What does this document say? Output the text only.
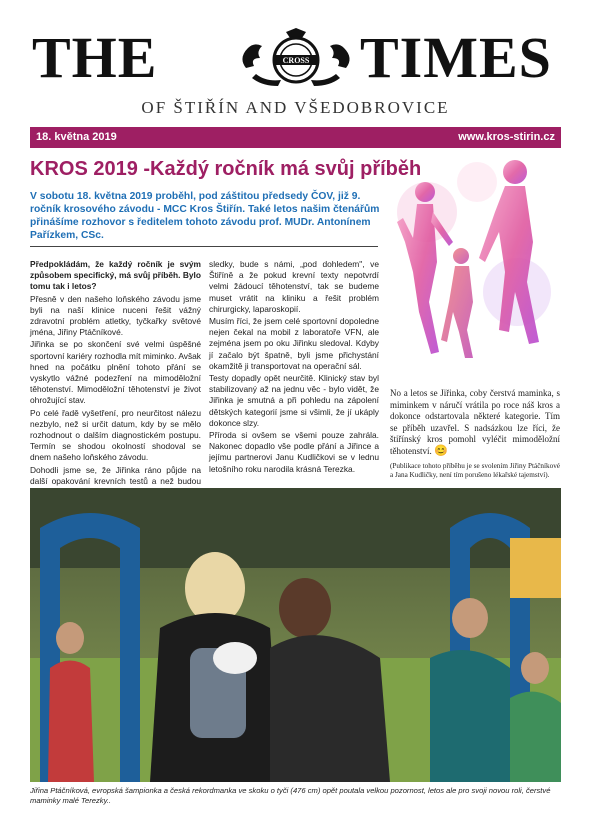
THE	CROSS TIMES
OF ŠTIŘÍN AND VŠEDOBROVICE
18. května 2019	www.kros-stirin.cz
KROS 2019 -Každý ročník má svůj příběh
V sobotu 18. května 2019 proběhl, pod záštitou předsedy ČOV, již 9. ročník krosového závodu - MCC Kros Štiřín. Také letos našim čtenářům přinášíme rozhovor s ředitelem tohoto závodu prof. MUDr. Antonínem Pařízkem, CSc.

Předpokládám, že každý ročník je svým způsobem specifický, má svůj příběh. Bylo tomu tak i letos?

Přesně v den našeho loňského závodu jsme byli na naší klinice nuceni řešit vážný zdravotní problém atletky, tyčkařky světové jména, Jiřiny Ptáčníkové.

Jiřinka se po skončení své velmi úspěšné sportovní kariéry rozhodla mít miminko. Avšak hned na počátku plnění tohoto přání se vyskytlo vážné podezření na mimoděložní těhotenství. Mimoděložní těhotenství je život ohrožující stav.

Po celé řadě vyšetření, pro neurčitost nálezu nezbylo, než si určit datum, kdy by se mělo rozhodnout o dalším diagnostickém postupu. Termín se shodou okolností shodoval se dnem našeho loňského závodu.

Dohodli jsme se, že Jiřinka ráno půjde na další opakování krevních testů a než budou

sledky, bude s námi, „pod dohledem", ve Štiříně a že pokud krevní texty nepotvrdí velmi žádoucí těhotenství, tak se budeme muset vrátit na kliniku a řešit problém chirurgicky, laparoskopií.

Musím říci, že jsem celé sportovní dopoledne nejen čekal na mobil z laboratoře VFN, ale zejména jsem po oku Jiřinku sledoval. Kdyby jí začalo být špatně, byli jsme přichystání okamžitě ji transportovat na operační sál.

Testy dopadly opět neurčitě. Klinický stav byl stabilizovaný až na jednu věc - bylo vidět, že Jiřinka je smutná a při pohledu na zápolení dětských kategorií jsme si všimli, že jí ukáply dokonce slzy.

Příroda si ovšem se všemi pouze zahrála. Nakonec dopadlo vše podle přání a Jiřince a jejímu partnerovi Janu Kudličkovi se v lednu letošního roku narodila krásná Terezka.

No a letos se Jiřinka, coby čerstvá maminka, s miminkem v náručí vrátila po roce náš kros a dokonce odstartovala některé kategorie. Tím se příběh uzavřel. S nadsázkou lze říci, že štiřínský kros pomohl vyléčit mimoděložní těhotenství. 😊

(Publikace tohoto příběhu je se svolením Jiřiny Ptáčníkové a Jana Kudličky, není tím porušeno lékařské tajemství).

Jiřina Ptáčníková, evropská šampionka a česká rekordmanka ve skoku o tyči (476 cm) opět poutala velkou pozornost, letos ale pro svoji novou roli, čerstvé maminky malé Terezky..
